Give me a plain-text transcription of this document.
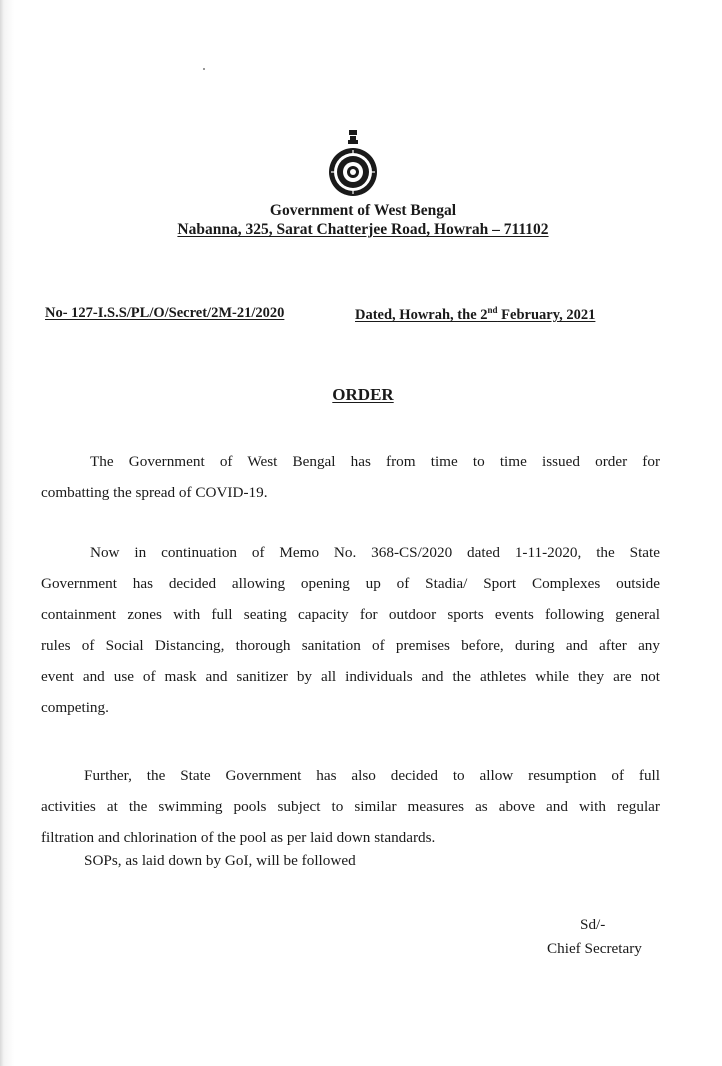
Government of West Bengal
Nabanna, 325, Sarat Chatterjee Road, Howrah – 711102
No- 127-I.S.S/PL/O/Secret/2M-21/2020	Dated, Howrah, the 2nd February, 2021
ORDER
The Government of West Bengal has from time to time issued order for
combatting the spread of COVID-19.
Now in continuation of Memo No. 368-CS/2020 dated 1-11-2020, the State
Government has decided allowing opening up of Stadia/ Sport Complexes outside
containment zones with full seating capacity for outdoor sports events following general
rules of Social Distancing, thorough sanitation of premises before, during and after any
event and use of mask and sanitizer by all individuals and the athletes while they are not
competing.
Further, the State Government has also decided to allow resumption of full
activities at the swimming pools subject to similar measures as above and with regular
filtration and chlorination of the pool as per laid down standards.
SOPs, as laid down by GoI, will be followed
Sd/-
Chief Secretary
